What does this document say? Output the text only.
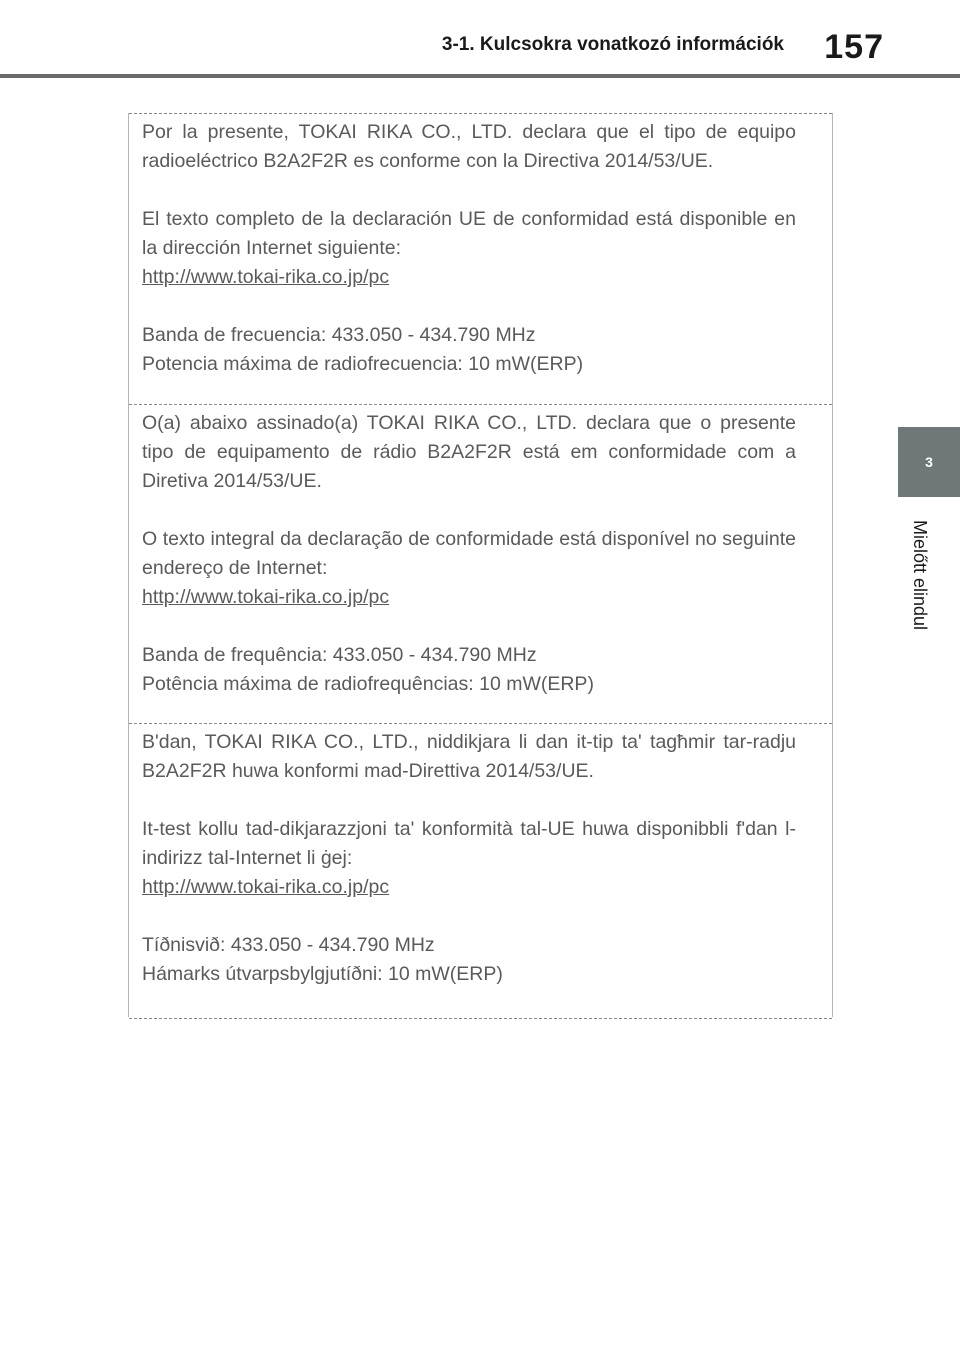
3-1. Kulcsokra vonatkozó információk 157
3
Mielőtt elindul

Por la presente, TOKAI RIKA CO., LTD. declara que el tipo de equipo radioeléctrico B2A2F2R es conforme con la Directiva 2014/53/UE.

El texto completo de la declaración UE de conformidad está disponible en la dirección Internet siguiente:

http://www.tokai-rika.co.jp/pc

Banda de frecuencia: 433.050 - 434.790 MHz

Potencia máxima de radiofrecuencia: 10 mW(ERP)

O(a) abaixo assinado(a) TOKAI RIKA CO., LTD. declara que o presente tipo de equipamento de rádio B2A2F2R está em conformidade com a Diretiva 2014/53/UE.

O texto integral da declaração de conformidade está disponível no seguinte endereço de Internet:

http://www.tokai-rika.co.jp/pc

Banda de frequência: 433.050 - 434.790 MHz

Potência máxima de radiofrequências: 10 mW(ERP)

B'dan, TOKAI RIKA CO., LTD., niddikjara li dan it-tip ta' tagħmir tar-radju B2A2F2R huwa konformi mad-Direttiva 2014/53/UE.

It-test kollu tad-dikjarazzjoni ta' konformità tal-UE huwa disponibbli f'dan l-indirizz tal-Internet li ġej:

http://www.tokai-rika.co.jp/pc

Tíðnisvið: 433.050 - 434.790 MHz

Hámarks útvarpsbylgjutíðni: 10 mW(ERP)
